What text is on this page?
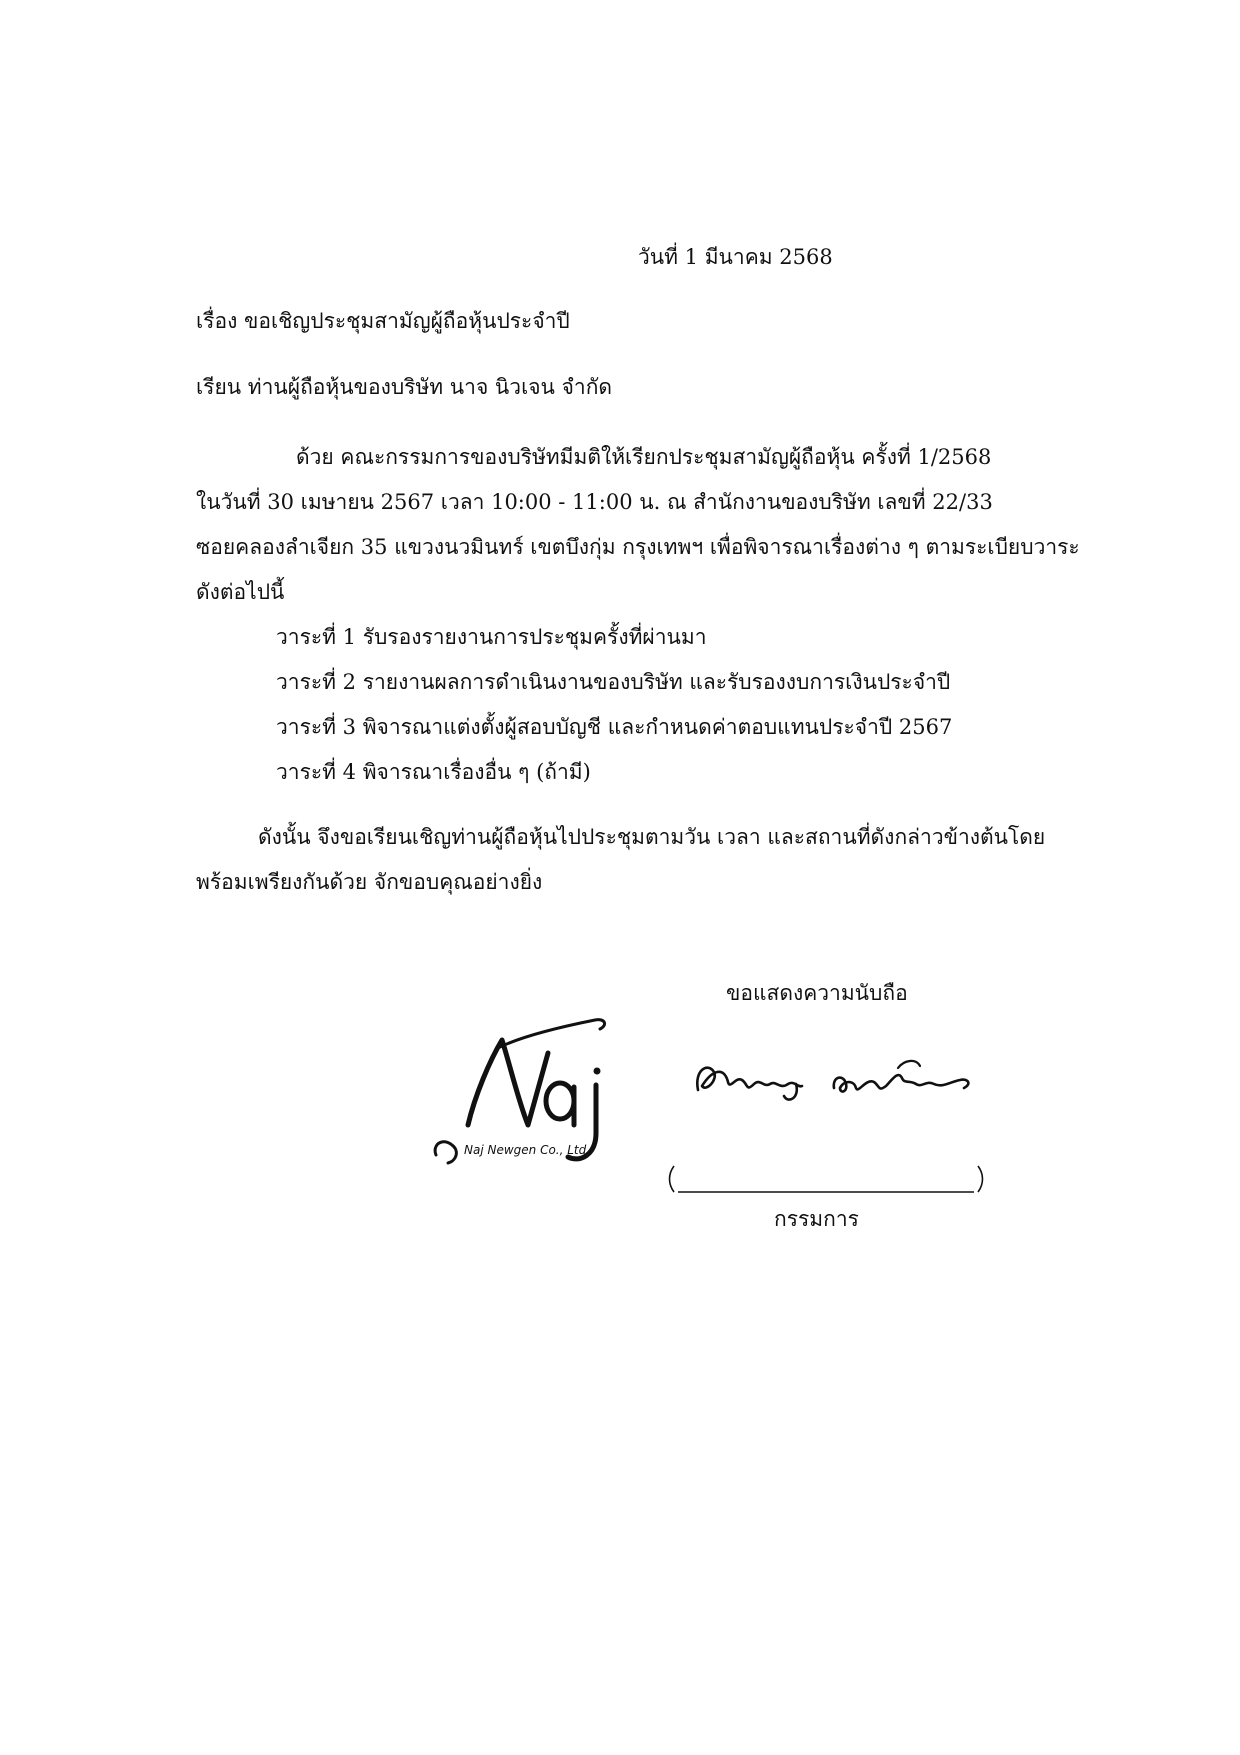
วันที่ 1 มีนาคม 2568
เรื่อง ขอเชิญประชุมสามัญผู้ถือหุ้นประจำปี
เรียน ท่านผู้ถือหุ้นของบริษัท นาจ นิวเจน จำกัด
ด้วย คณะกรรมการของบริษัทมีมติให้เรียกประชุมสามัญผู้ถือหุ้น ครั้งที่ 1/2568
ในวันที่ 30 เมษายน 2567 เวลา 10:00 - 11:00 น. ณ สำนักงานของบริษัท เลขที่ 22/33
ซอยคลองลำเจียก 35 แขวงนวมินทร์ เขตบึงกุ่ม กรุงเทพฯ เพื่อพิจารณาเรื่องต่าง ๆ ตามระเบียบวาระ
ดังต่อไปนี้
วาระที่ 1 รับรองรายงานการประชุมครั้งที่ผ่านมา
วาระที่ 2 รายงานผลการดำเนินงานของบริษัท และรับรองงบการเงินประจำปี
วาระที่ 3 พิจารณาแต่งตั้งผู้สอบบัญชี และกำหนดค่าตอบแทนประจำปี 2567
วาระที่ 4 พิจารณาเรื่องอื่น ๆ (ถ้ามี)
ดังนั้น จึงขอเรียนเชิญท่านผู้ถือหุ้นไปประชุมตามวัน เวลา และสถานที่ดังกล่าวข้างต้นโดย
พร้อมเพรียงกันด้วย จักขอบคุณอย่างยิ่ง
ขอแสดงความนับถือ
Naj Newgen Co., Ltd.
กรรมการ
